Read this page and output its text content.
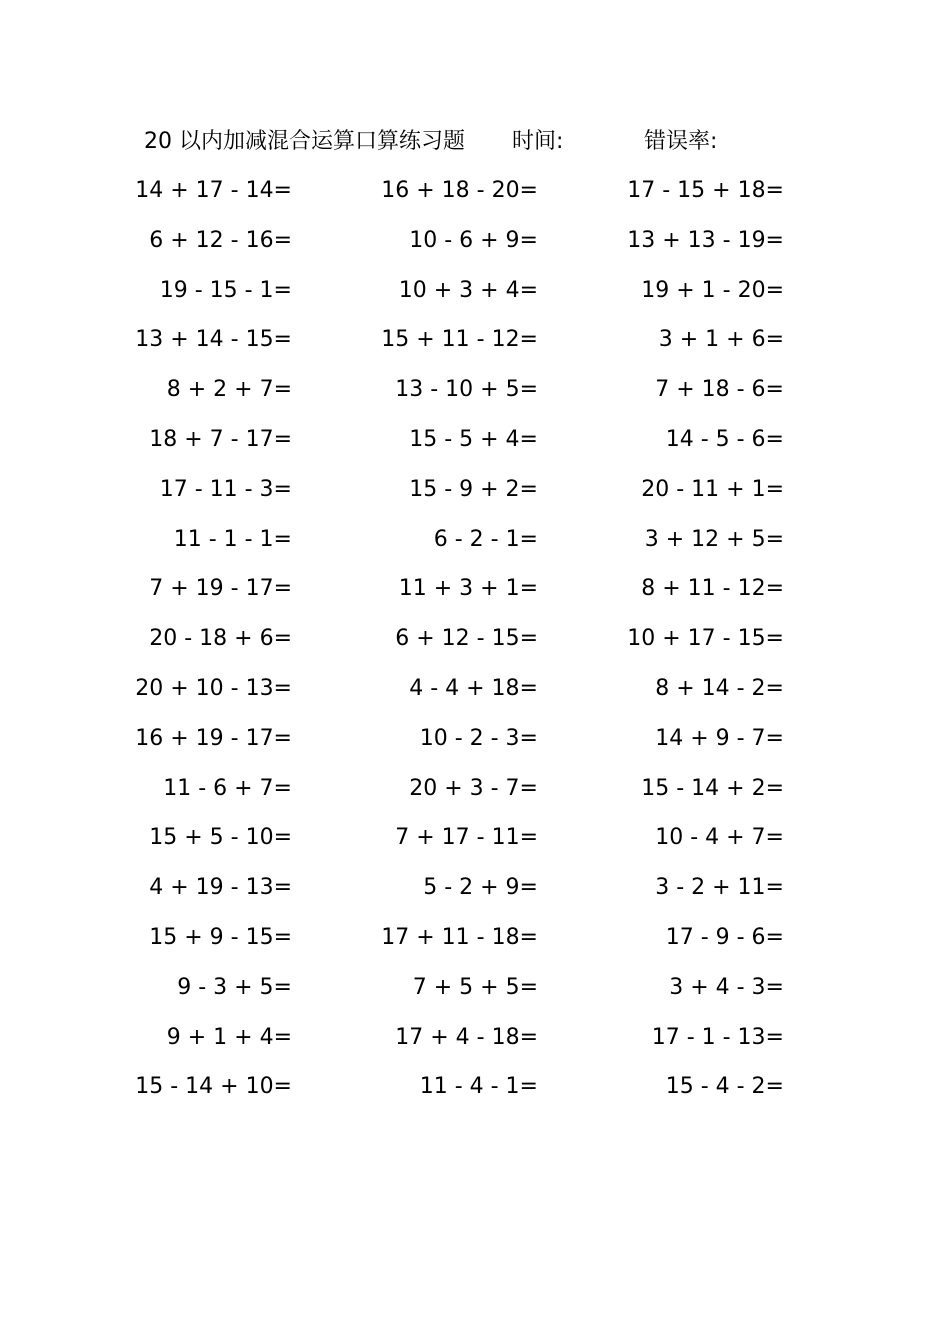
20 以内加减混合运算口算练习题 时间:	错误率:
14 + 17 - 14=	16 + 18 - 20=	17 - 15 + 18=
6 + 12 - 16=	10 - 6 + 9=	13 + 13 - 19=
19 - 15 - 1=	10 + 3 + 4=	19 + 1 - 20=
13 + 14 - 15=	15 + 11 - 12=	3 + 1 + 6=
8 + 2 + 7=	13 - 10 + 5=	7 + 18 - 6=
18 + 7 - 17=	15 - 5 + 4=	14 - 5 - 6=
17 - 11 - 3=	15 - 9 + 2=	20 - 11 + 1=
11 - 1 - 1=	6 - 2 - 1=	3 + 12 + 5=
7 + 19 - 17=	11 + 3 + 1=	8 + 11 - 12=
20 - 18 + 6=	6 + 12 - 15=	10 + 17 - 15=
20 + 10 - 13=	4 - 4 + 18=	8 + 14 - 2=
16 + 19 - 17=	10 - 2 - 3=	14 + 9 - 7=
11 - 6 + 7=	20 + 3 - 7=	15 - 14 + 2=
15 + 5 - 10=	7 + 17 - 11=	10 - 4 + 7=
4 + 19 - 13=	5 - 2 + 9=	3 - 2 + 11=
15 + 9 - 15=	17 + 11 - 18=	17 - 9 - 6=
9 - 3 + 5=	7 + 5 + 5=	3 + 4 - 3=
9 + 1 + 4=	17 + 4 - 18=	17 - 1 - 13=
15 - 14 + 10=	11 - 4 - 1=	15 - 4 - 2=
